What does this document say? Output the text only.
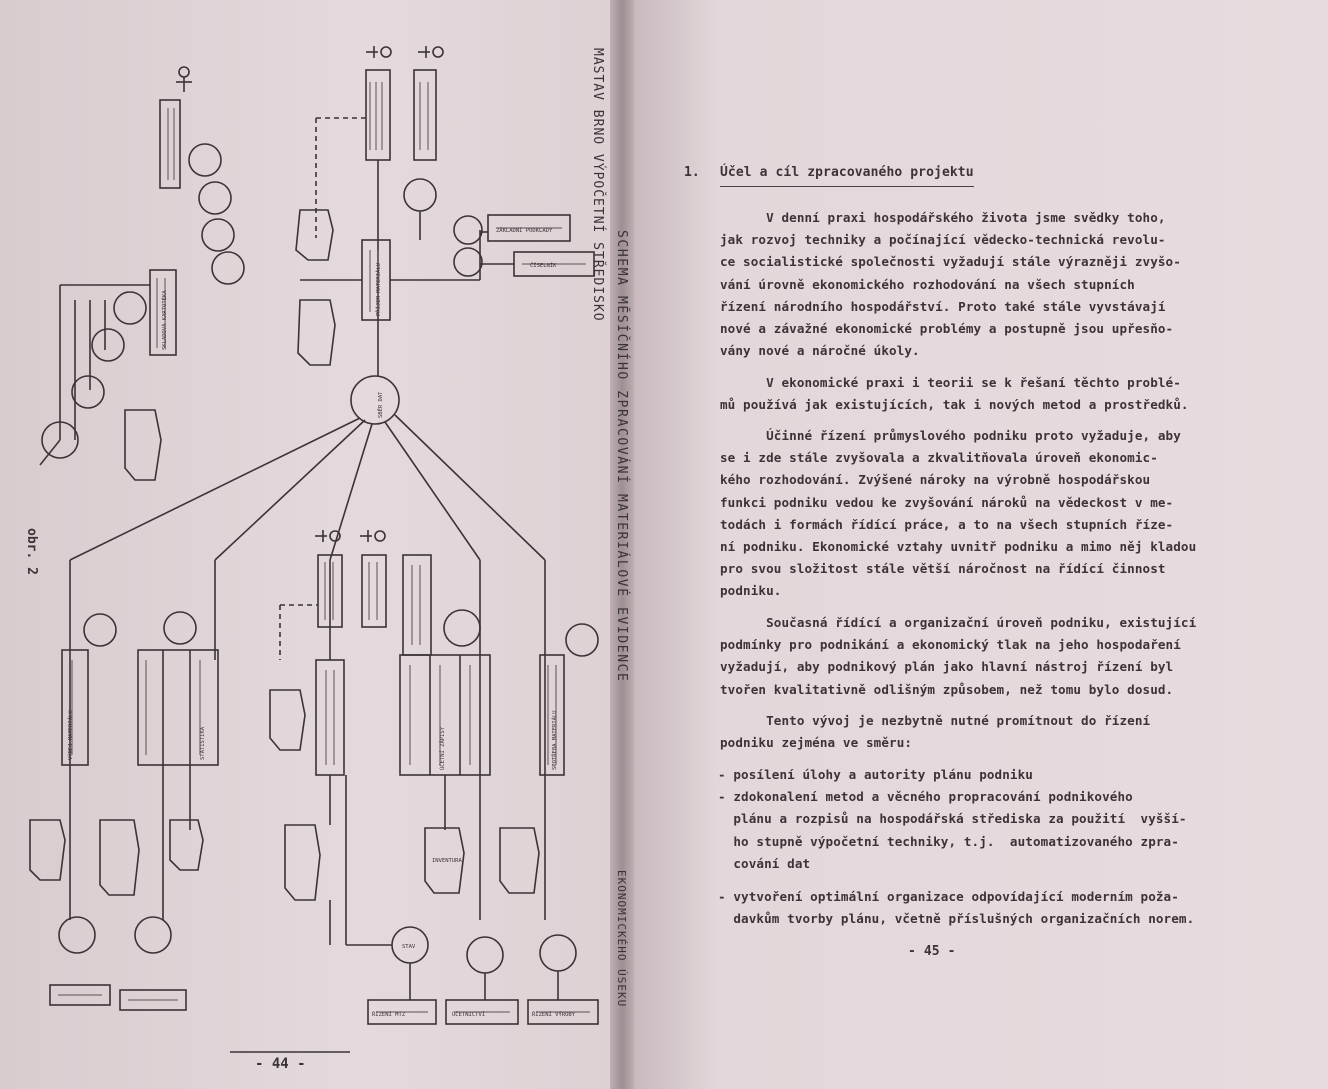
MASTAV BRNO VÝPOČETNÍ STŘEDISKO
SCHEMA MĚSÍČNÍHO ZPRACOVÁNÍ MATERIÁLOVÉ EVIDENCE
EKONOMICKÉHO ÚSEKU
obr. 2
- 44 -
1. Účel a cíl zpracovaného projektu
V denní praxi hospodářského života jsme svědky toho,
jak rozvoj techniky a počínající vědecko-technická revolu-
ce socialistické společnosti vyžadují stále výrazněji zvyšo-
vání úrovně ekonomického rozhodování na všech stupních
řízení národního hospodářství. Proto také stále vyvstávají
nové a závažné ekonomické problémy a postupně jsou upřesňo-
vány nové a náročné úkoly.
V ekonomické praxi i teorii se k řešaní těchto problé-
mů používá jak existujících, tak i nových metod a prostředků.
Účinné řízení průmyslového podniku proto vyžaduje, aby
se i zde stále zvyšovala a zkvalitňovala úroveň ekonomic-
kého rozhodování. Zvýšené nároky na výrobně hospodářskou
funkci podniku vedou ke zvyšování nároků na vědeckost v me-
todách i formách řídící práce, a to na všech stupních říze-
ní podniku. Ekonomické vztahy uvnitř podniku a mimo něj kladou
pro svou složitost stále větší náročnost na řídící činnost
podniku.
Současná řídící a organizační úroveň podniku, existující
podmínky pro podnikání a ekonomický tlak na jeho hospodaření
vyžadují, aby podnikový plán jako hlavní nástroj řízení byl
tvořen kvalitativně odlišným způsobem, než tomu bylo dosud.
Tento vývoj je nezbytně nutné promítnout do řízení
podniku zejména ve směru:
- posílení úlohy a autority plánu podniku
- zdokonalení metod a věcného propracování podnikového
plánu a rozpisů na hospodářská střediska za použití  vyšší-
ho stupně výpočetní techniky, t.j.  automatizovaného zpra-
cování dat
- vytvoření optimální organizace odpovídající moderním poža-
davkům tvorby plánu, včetně příslušných organizačních norem.
- 45 -
VÝDEJ MATERIÁLU
SKLADOVÁ KARTOTÉKA
ZÁKLADNÍ PODKLADY
ČÍSELNÍK
PŘÍJEM MATERIÁLU
STATISTIKA
SBĚR DAT
ÚČETNÍ ZÁPISY
ŘÍZENÍ MTZ	ÚČETNICTVÍ	ŘÍZENÍ VÝROBY
STAV
SPOTŘEBA MATERIÁLU
INVENTURA
